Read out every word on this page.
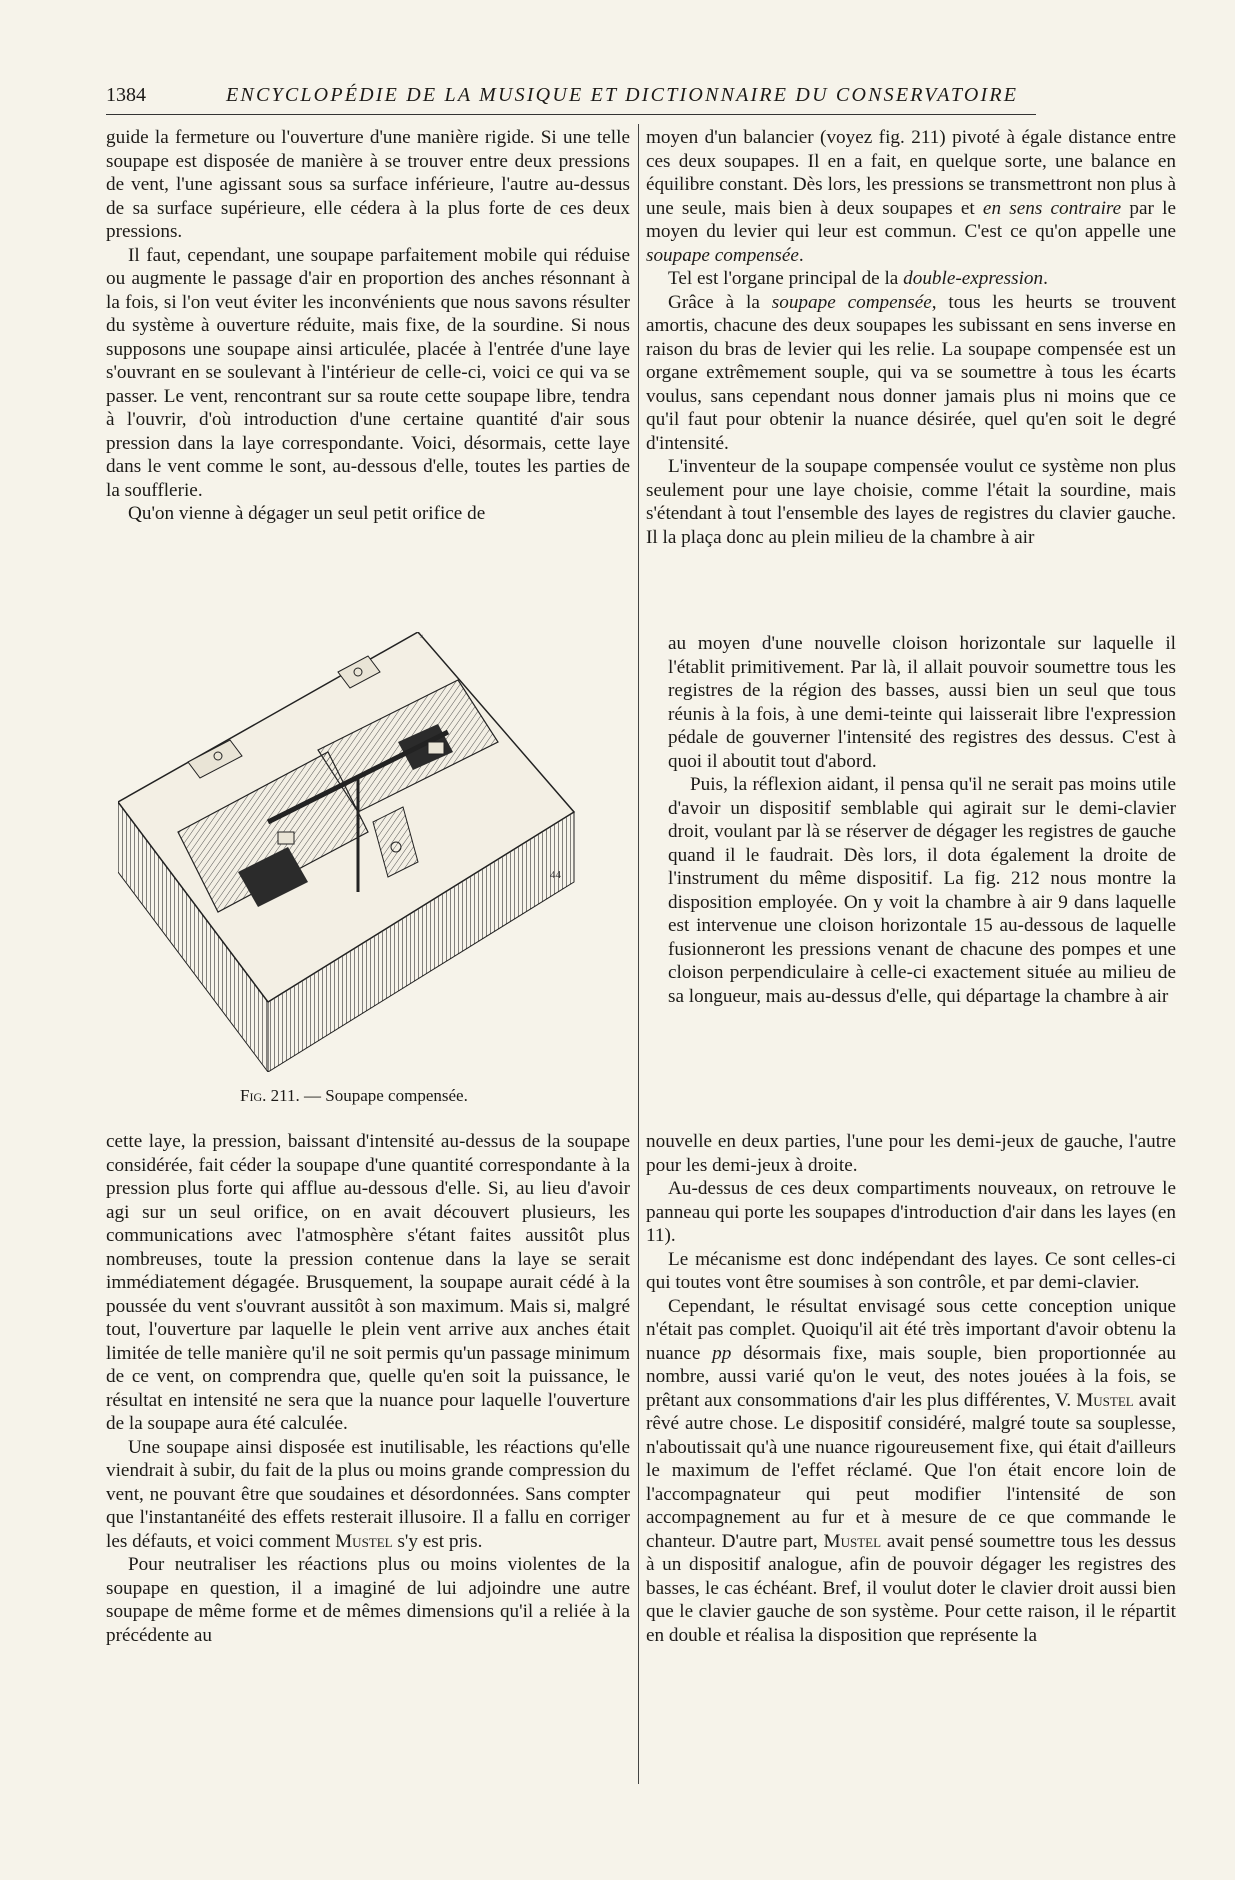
1384	ENCYCLOPÉDIE DE LA MUSIQUE ET DICTIONNAIRE DU CONSERVATOIRE

guide la fermeture ou l'ouverture d'une manière rigide. Si une telle soupape est disposée de manière à se trouver entre deux pressions de vent, l'une agissant sous sa surface inférieure, l'autre au-dessus de sa surface supérieure, elle cédera à la plus forte de ces deux pressions.

Il faut, cependant, une soupape parfaitement mobile qui réduise ou augmente le passage d'air en proportion des anches résonnant à la fois, si l'on veut éviter les inconvénients que nous savons résulter du système à ouverture réduite, mais fixe, de la sourdine. Si nous supposons une soupape ainsi articulée, placée à l'entrée d'une laye s'ouvrant en se soulevant à l'intérieur de celle-ci, voici ce qui va se passer. Le vent, rencontrant sur sa route cette soupape libre, tendra à l'ouvrir, d'où introduction d'une certaine quantité d'air sous pression dans la laye correspondante. Voici, désormais, cette laye dans le vent comme le sont, au-dessous d'elle, toutes les parties de la soufflerie.

Qu'on vienne à dégager un seul petit orifice de

↘
44
Fig. 211. — Soupape compensée.

cette laye, la pression, baissant d'intensité au-dessus de la soupape considérée, fait céder la soupape d'une quantité correspondante à la pression plus forte qui afflue au-dessous d'elle. Si, au lieu d'avoir agi sur un seul orifice, on en avait découvert plusieurs, les communications avec l'atmosphère s'étant faites aussitôt plus nombreuses, toute la pression contenue dans la laye se serait immédiatement dégagée. Brusquement, la soupape aurait cédé à la poussée du vent s'ouvrant aussitôt à son maximum. Mais si, malgré tout, l'ouverture par laquelle le plein vent arrive aux anches était limitée de telle manière qu'il ne soit permis qu'un passage minimum de ce vent, on comprendra que, quelle qu'en soit la puissance, le résultat en intensité ne sera que la nuance pour laquelle l'ouverture de la soupape aura été calculée.

Une soupape ainsi disposée est inutilisable, les réactions qu'elle viendrait à subir, du fait de la plus ou moins grande compression du vent, ne pouvant être que soudaines et désordonnées. Sans compter que l'instantanéité des effets resterait illusoire. Il a fallu en corriger les défauts, et voici comment Mustel s'y est pris.

Pour neutraliser les réactions plus ou moins violentes de la soupape en question, il a imaginé de lui adjoindre une autre soupape de même forme et de mêmes dimensions qu'il a reliée à la précédente au

moyen d'un balancier (voyez fig. 211) pivoté à égale distance entre ces deux soupapes. Il en a fait, en quelque sorte, une balance en équilibre constant. Dès lors, les pressions se transmettront non plus à une seule, mais bien à deux soupapes et en sens contraire par le moyen du levier qui leur est commun. C'est ce qu'on appelle une soupape compensée.

Tel est l'organe principal de la double-expression.

Grâce à la soupape compensée, tous les heurts se trouvent amortis, chacune des deux soupapes les subissant en sens inverse en raison du bras de levier qui les relie. La soupape compensée est un organe extrêmement souple, qui va se soumettre à tous les écarts voulus, sans cependant nous donner jamais plus ni moins que ce qu'il faut pour obtenir la nuance désirée, quel qu'en soit le degré d'intensité.

L'inventeur de la soupape compensée voulut ce système non plus seulement pour une laye choisie, comme l'était la sourdine, mais s'étendant à tout l'ensemble des layes de registres du clavier gauche. Il la plaça donc au plein milieu de la chambre à air

au moyen d'une nouvelle cloison horizontale sur laquelle il l'établit primitivement. Par là, il allait pouvoir soumettre tous les registres de la région des basses, aussi bien un seul que tous réunis à la fois, à une demi-teinte qui laisserait libre l'expression pédale de gouverner l'intensité des registres des dessus. C'est à quoi il aboutit tout d'abord.

Puis, la réflexion aidant, il pensa qu'il ne serait pas moins utile d'avoir un dispositif semblable qui agirait sur le demi-clavier droit, voulant par là se réserver de dégager les registres de gauche quand il le faudrait. Dès lors, il dota également la droite de l'instrument du même dispositif. La fig. 212 nous montre la disposition employée. On y voit la chambre à air 9 dans laquelle est intervenue une cloison horizontale 15 au-dessous de laquelle fusionneront les pressions venant de chacune des pompes et une cloison perpendiculaire à celle-ci exactement située au milieu de sa longueur, mais au-dessus d'elle, qui départage la chambre à air

nouvelle en deux parties, l'une pour les demi-jeux de gauche, l'autre pour les demi-jeux à droite.

Au-dessus de ces deux compartiments nouveaux, on retrouve le panneau qui porte les soupapes d'introduction d'air dans les layes (en 11).

Le mécanisme est donc indépendant des layes. Ce sont celles-ci qui toutes vont être soumises à son contrôle, et par demi-clavier.

Cependant, le résultat envisagé sous cette conception unique n'était pas complet. Quoiqu'il ait été très important d'avoir obtenu la nuance pp désormais fixe, mais souple, bien proportionnée au nombre, aussi varié qu'on le veut, des notes jouées à la fois, se prêtant aux consommations d'air les plus différentes, V. Mustel avait rêvé autre chose. Le dispositif considéré, malgré toute sa souplesse, n'aboutissait qu'à une nuance rigoureusement fixe, qui était d'ailleurs le maximum de l'effet réclamé. Que l'on était encore loin de l'accompagnateur qui peut modifier l'intensité de son accompagnement au fur et à mesure de ce que commande le chanteur. D'autre part, Mustel avait pensé soumettre tous les dessus à un dispositif analogue, afin de pouvoir dégager les registres des basses, le cas échéant. Bref, il voulut doter le clavier droit aussi bien que le clavier gauche de son système. Pour cette raison, il le répartit en double et réalisa la disposition que représente la
